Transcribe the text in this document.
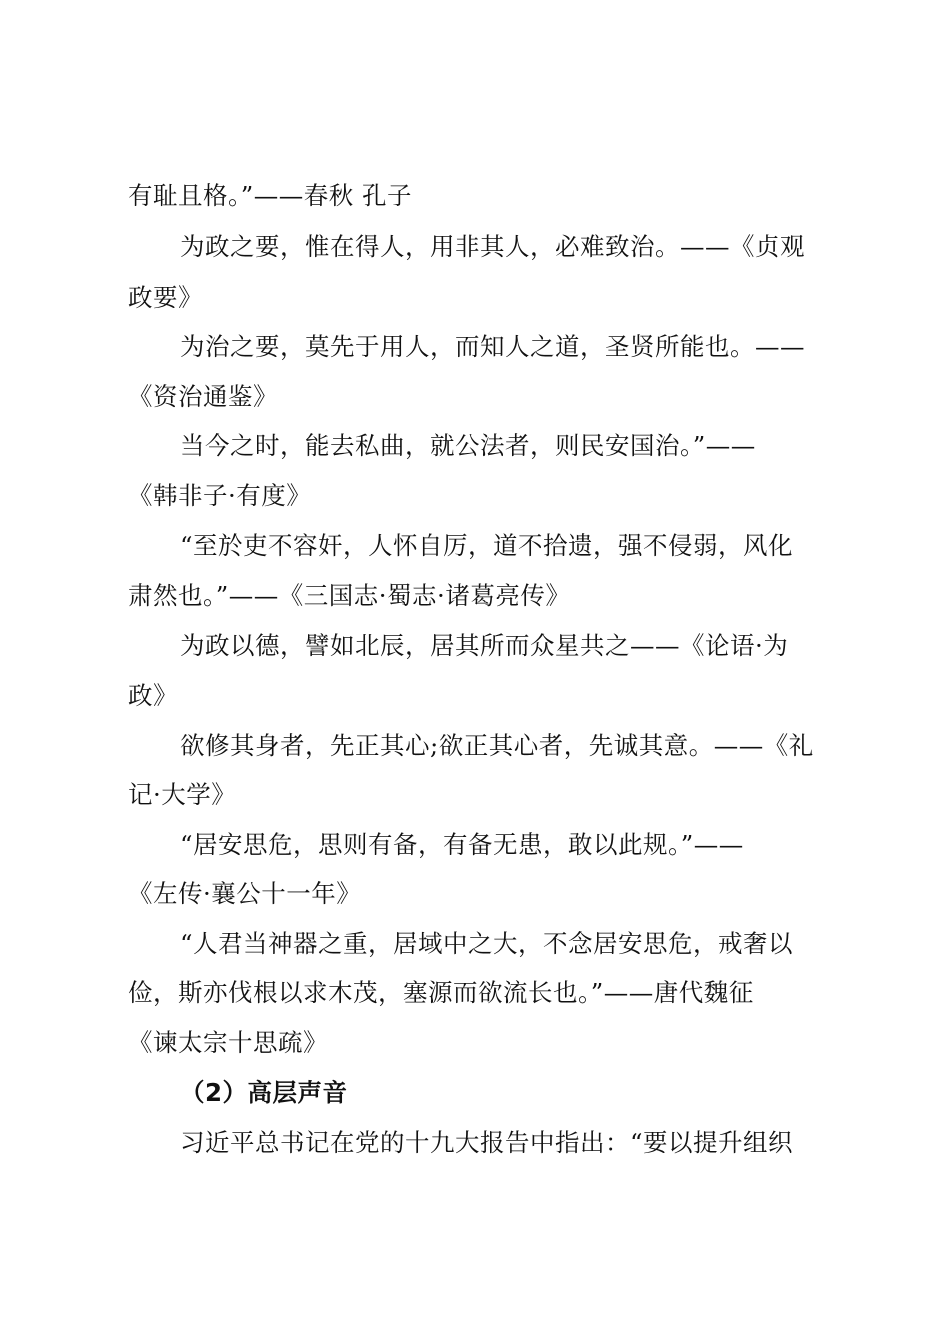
有耻且格。”——春秋 孔子
为政之要，惟在得人，用非其人，必难致治。——《贞观
政要》
为治之要，莫先于用人，而知人之道，圣贤所能也。——
《资治通鉴》
当今之时，能去私曲，就公法者，则民安国治。”——
《韩非子·有度》
“至於吏不容奸，人怀自厉，道不拾遗，强不侵弱，风化
肃然也。”——《三国志·蜀志·诸葛亮传》
为政以德，譬如北辰，居其所而众星共之——《论语·为
政》
欲修其身者，先正其心;欲正其心者，先诚其意。——《礼
记·大学》
“居安思危，思则有备，有备无患，敢以此规。”——
《左传·襄公十一年》
“人君当神器之重，居域中之大，不念居安思危，戒奢以
俭，斯亦伐根以求木茂，塞源而欲流长也。”——唐代魏征
《谏太宗十思疏》
（2）高层声音
习近平总书记在党的十九大报告中指出：“要以提升组织
